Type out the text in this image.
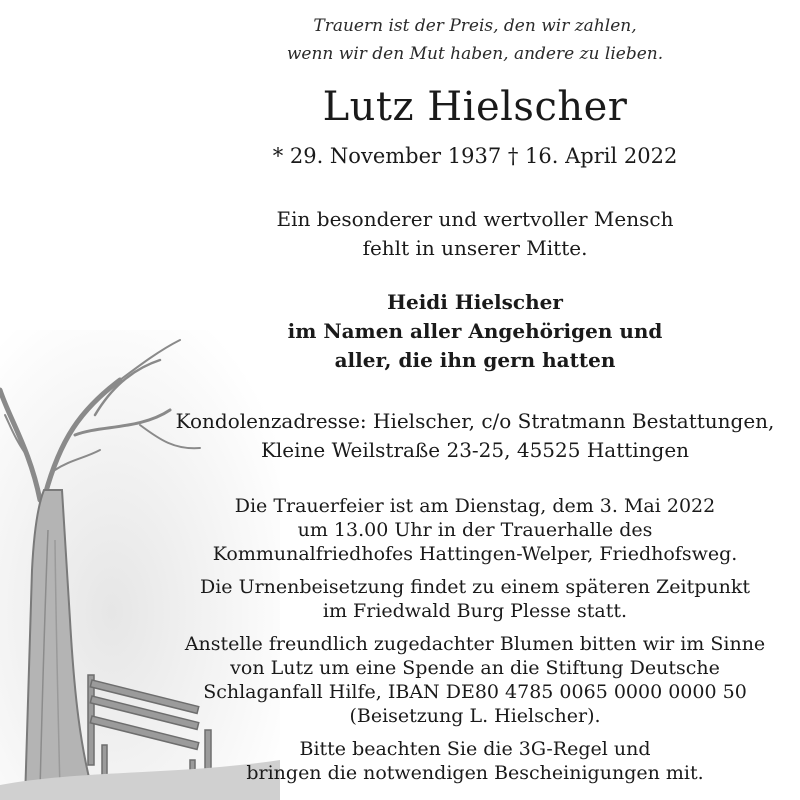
Trauern ist der Preis, den wir zahlen,
wenn wir den Mut haben, andere zu lieben.
Lutz Hielscher
* 29. November 1937 † 16. April 2022
Ein besonderer und wertvoller Mensch
fehlt in unserer Mitte.
Heidi Hielscher
im Namen aller Angehörigen und
aller, die ihn gern hatten
Kondolenzadresse: Hielscher, c/o Stratmann Bestattungen,
Kleine Weilstraße 23-25, 45525 Hattingen
Die Trauerfeier ist am Dienstag, dem 3. Mai 2022
um 13.00 Uhr in der Trauerhalle des
Kommunalfriedhofes Hattingen-Welper, Friedhofsweg.
Die Urnenbeisetzung findet zu einem späteren Zeitpunkt
im Friedwald Burg Plesse statt.
Anstelle freundlich zugedachter Blumen bitten wir im Sinne
von Lutz um eine Spende an die Stiftung Deutsche
Schlaganfall Hilfe, IBAN DE80 4785 0065 0000 0000 50
(Beisetzung L. Hielscher).
Bitte beachten Sie die 3G-Regel und
bringen die notwendigen Bescheinigungen mit.
